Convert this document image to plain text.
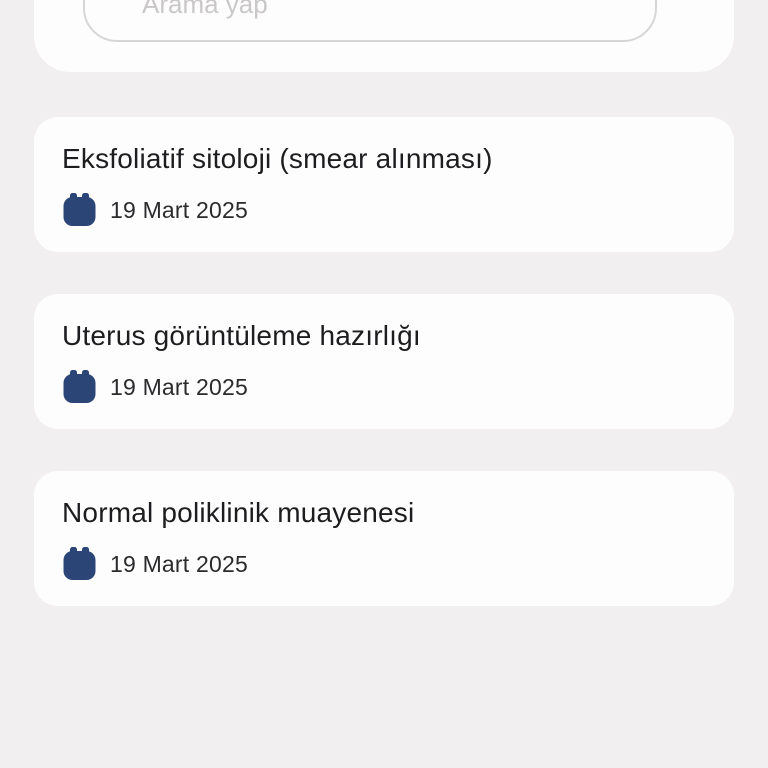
Arama yap
Eksfoliatif sitoloji (smear alınması)
19 Mart 2025
Uterus görüntüleme hazırlığı
19 Mart 2025
Normal poliklinik muayenesi
19 Mart 2025
